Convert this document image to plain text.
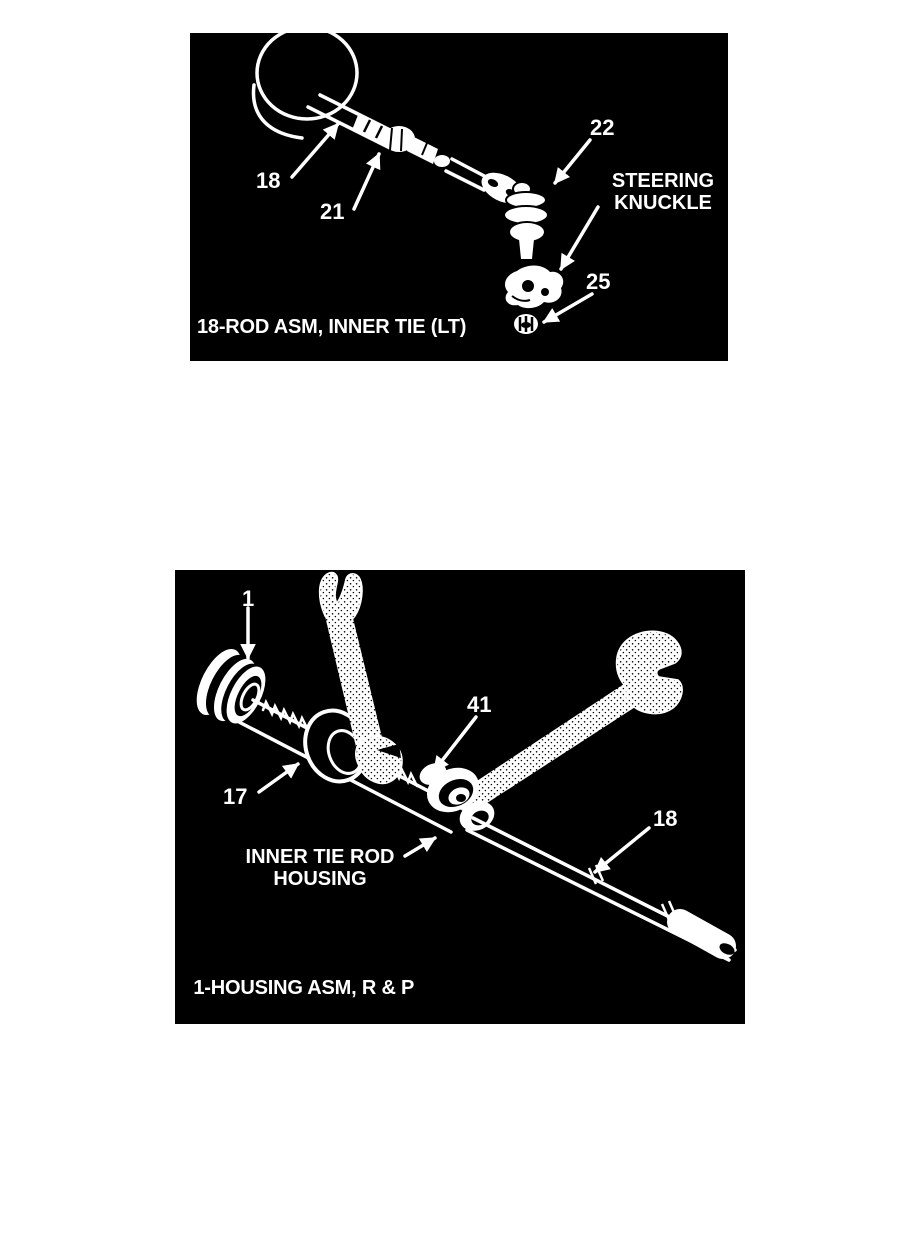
18
21
22
25
STEERING
KNUCKLE

18-ROD ASM, INNER TIE (LT)

21-NUT, HEX JAM

22-ROD ASM, OUTER TIE (LT)

25-NUT, HEXAGON SLOTTED

1
17
41
18
INNER TIE ROD
HOUSING

1-HOUSING ASM, R & P

17-RING, SHOCK DAMPENER

18-ROD ASM, INNER TIE (LT)

41-RACK ASM, PISTON & STEERING
